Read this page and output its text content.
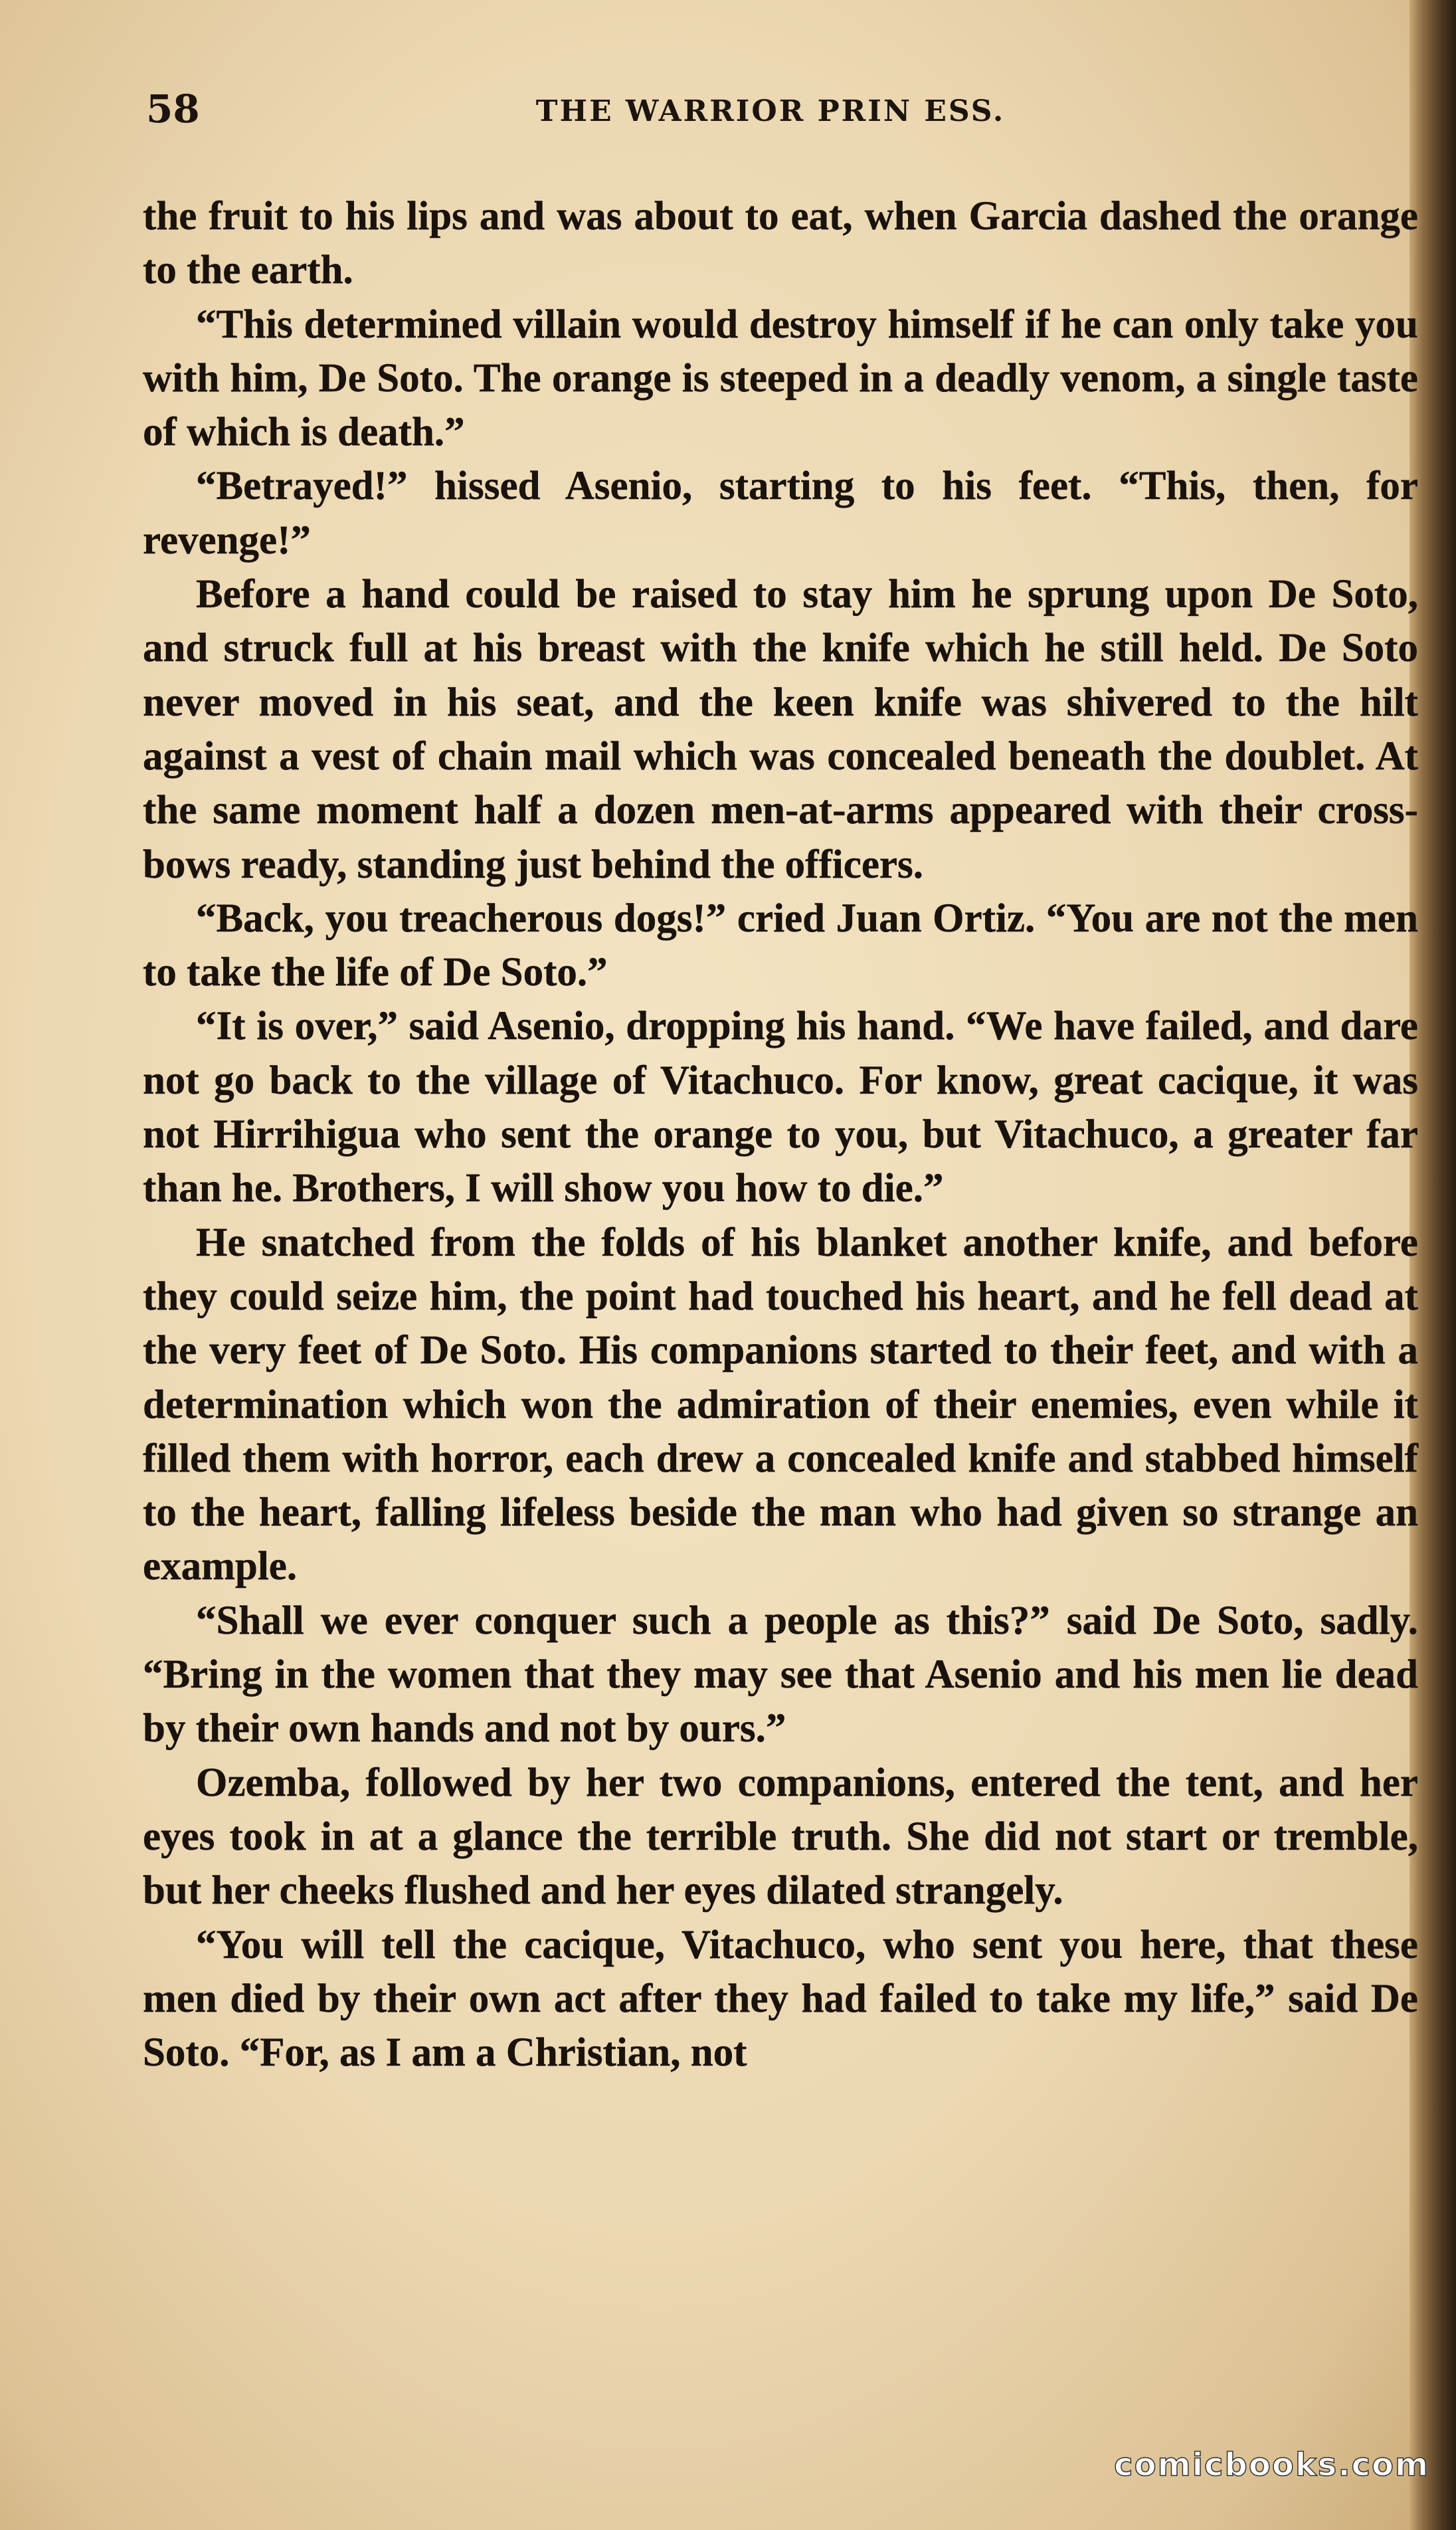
58	THE WARRIOR PRIN ESS.

the fruit to his lips and was about to eat, when Garcia dashed the orange to the earth.

“This determined villain would destroy himself if he can only take you with him, De Soto. The orange is steeped in a deadly venom, a single taste of which is death.”

“Betrayed!” hissed Asenio, starting to his feet. “This, then, for revenge!”

Before a hand could be raised to stay him he sprung upon De Soto, and struck full at his breast with the knife which he still held. De Soto never moved in his seat, and the keen knife was shivered to the hilt against a vest of chain mail which was concealed beneath the doublet. At the same moment half a dozen men-at-arms appeared with their cross-bows ready, standing just behind the officers.

“Back, you treacherous dogs!” cried Juan Ortiz. “You are not the men to take the life of De Soto.”

“It is over,” said Asenio, dropping his hand. “We have failed, and dare not go back to the village of Vitachuco. For know, great cacique, it was not Hirrihigua who sent the orange to you, but Vitachuco, a greater far than he. Brothers, I will show you how to die.”

He snatched from the folds of his blanket another knife, and before they could seize him, the point had touched his heart, and he fell dead at the very feet of De Soto. His companions started to their feet, and with a determination which won the admiration of their enemies, even while it filled them with horror, each drew a concealed knife and stabbed himself to the heart, falling lifeless beside the man who had given so strange an example.

“Shall we ever conquer such a people as this?” said De Soto, sadly. “Bring in the women that they may see that Asenio and his men lie dead by their own hands and not by ours.”

Ozemba, followed by her two companions, entered the tent, and her eyes took in at a glance the terrible truth. She did not start or tremble, but her cheeks flushed and her eyes dilated strangely.

“You will tell the cacique, Vitachuco, who sent you here, that these men died by their own act after they had failed to take my life,” said De Soto. “For, as I am a Christian, not

comicbooks.com
